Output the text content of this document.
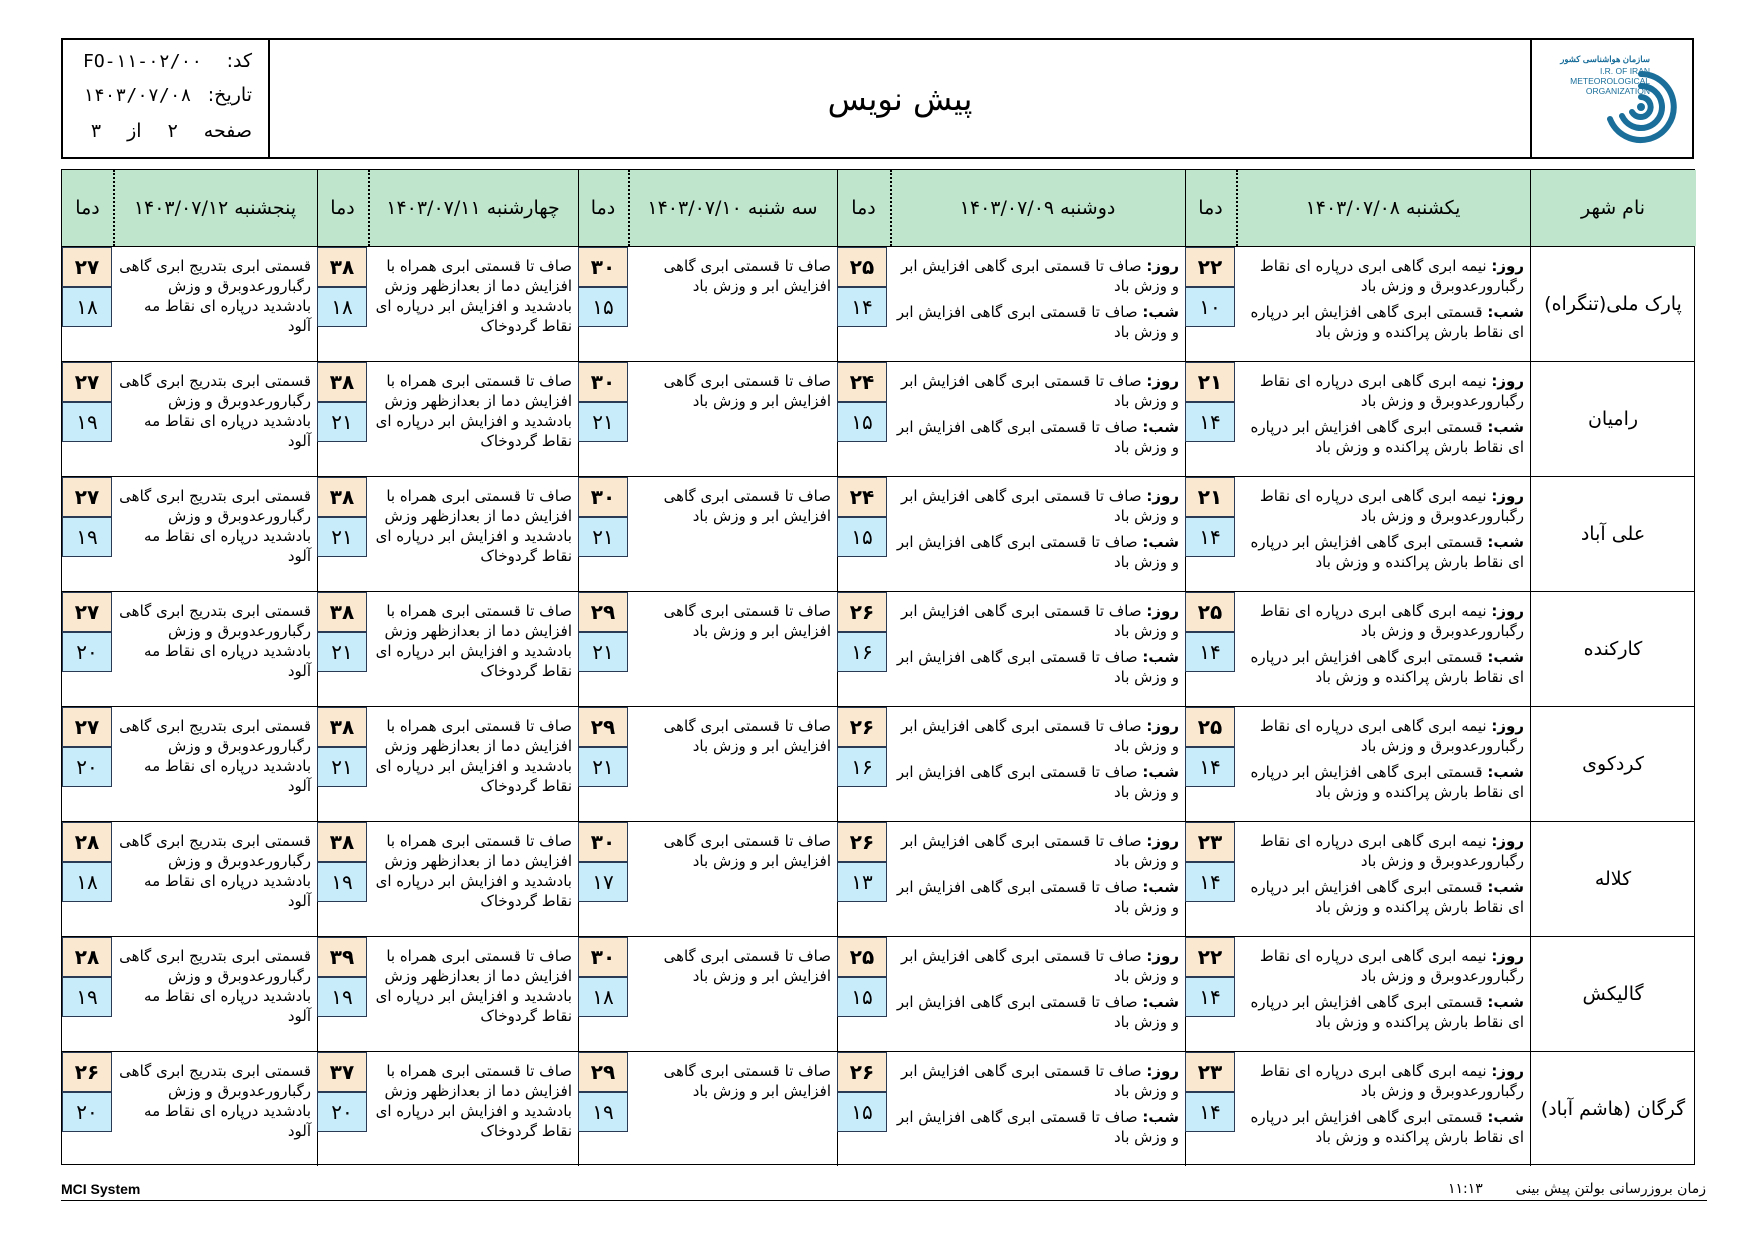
کد:
FO-۱۱-۰۲/۰۰
تاریخ:
۱۴۰۳/۰۷/۰۸
صفحه
۲
از
۳
پیش نویس
سازمان هواشناسی کشور
I.R. OF IRAN
METEOROLOGICAL
ORGANIZATION
نام شهر
یکشنبه ۱۴۰۳/۰۷/۰۸
دما
دوشنبه ۱۴۰۳/۰۷/۰۹
دما
سه شنبه ۱۴۰۳/۰۷/۱۰
دما
چهارشنبه ۱۴۰۳/۰۷/۱۱
دما
پنجشنبه ۱۴۰۳/۰۷/۱۲
دما
پارک ملی(تنگراه)
روز: نیمه ابری گاهی ابری درپاره ای نقاط رگبارورعدوبرق و وزش باد
شب: قسمتی ابری گاهی افزایش ابر درپاره ای نقاط بارش پراکنده و وزش باد
۲۲
۱۰
روز: صاف تا قسمتی ابری گاهی افزایش ابر و وزش باد
شب: صاف تا قسمتی ابری گاهی افزایش ابر و وزش باد
۲۵
۱۴
صاف تا قسمتی ابری گاهی افزایش ابر و وزش باد
۳۰
۱۵
صاف تا قسمتی ابری همراه با افزایش دما از بعدازظهر وزش بادشدید و افزایش ابر درپاره ای نقاط گردوخاک
۳۸
۱۸
قسمتی ابری بتدریج ابری گاهی رگبارورعدوبرق و وزش بادشدید درپاره ای نقاط مه آلود
۲۷
۱۸
رامیان
روز: نیمه ابری گاهی ابری درپاره ای نقاط رگبارورعدوبرق و وزش باد
شب: قسمتی ابری گاهی افزایش ابر درپاره ای نقاط بارش پراکنده و وزش باد
۲۱
۱۴
روز: صاف تا قسمتی ابری گاهی افزایش ابر و وزش باد
شب: صاف تا قسمتی ابری گاهی افزایش ابر و وزش باد
۲۴
۱۵
صاف تا قسمتی ابری گاهی افزایش ابر و وزش باد
۳۰
۲۱
صاف تا قسمتی ابری همراه با افزایش دما از بعدازظهر وزش بادشدید و افزایش ابر درپاره ای نقاط گردوخاک
۳۸
۲۱
قسمتی ابری بتدریج ابری گاهی رگبارورعدوبرق و وزش بادشدید درپاره ای نقاط مه آلود
۲۷
۱۹
علی آباد
روز: نیمه ابری گاهی ابری درپاره ای نقاط رگبارورعدوبرق و وزش باد
شب: قسمتی ابری گاهی افزایش ابر درپاره ای نقاط بارش پراکنده و وزش باد
۲۱
۱۴
روز: صاف تا قسمتی ابری گاهی افزایش ابر و وزش باد
شب: صاف تا قسمتی ابری گاهی افزایش ابر و وزش باد
۲۴
۱۵
صاف تا قسمتی ابری گاهی افزایش ابر و وزش باد
۳۰
۲۱
صاف تا قسمتی ابری همراه با افزایش دما از بعدازظهر وزش بادشدید و افزایش ابر درپاره ای نقاط گردوخاک
۳۸
۲۱
قسمتی ابری بتدریج ابری گاهی رگبارورعدوبرق و وزش بادشدید درپاره ای نقاط مه آلود
۲۷
۱۹
کارکنده
روز: نیمه ابری گاهی ابری درپاره ای نقاط رگبارورعدوبرق و وزش باد
شب: قسمتی ابری گاهی افزایش ابر درپاره ای نقاط بارش پراکنده و وزش باد
۲۵
۱۴
روز: صاف تا قسمتی ابری گاهی افزایش ابر و وزش باد
شب: صاف تا قسمتی ابری گاهی افزایش ابر و وزش باد
۲۶
۱۶
صاف تا قسمتی ابری گاهی افزایش ابر و وزش باد
۲۹
۲۱
صاف تا قسمتی ابری همراه با افزایش دما از بعدازظهر وزش بادشدید و افزایش ابر درپاره ای نقاط گردوخاک
۳۸
۲۱
قسمتی ابری بتدریج ابری گاهی رگبارورعدوبرق و وزش بادشدید درپاره ای نقاط مه آلود
۲۷
۲۰
کردکوی
روز: نیمه ابری گاهی ابری درپاره ای نقاط رگبارورعدوبرق و وزش باد
شب: قسمتی ابری گاهی افزایش ابر درپاره ای نقاط بارش پراکنده و وزش باد
۲۵
۱۴
روز: صاف تا قسمتی ابری گاهی افزایش ابر و وزش باد
شب: صاف تا قسمتی ابری گاهی افزایش ابر و وزش باد
۲۶
۱۶
صاف تا قسمتی ابری گاهی افزایش ابر و وزش باد
۲۹
۲۱
صاف تا قسمتی ابری همراه با افزایش دما از بعدازظهر وزش بادشدید و افزایش ابر درپاره ای نقاط گردوخاک
۳۸
۲۱
قسمتی ابری بتدریج ابری گاهی رگبارورعدوبرق و وزش بادشدید درپاره ای نقاط مه آلود
۲۷
۲۰
کلاله
روز: نیمه ابری گاهی ابری درپاره ای نقاط رگبارورعدوبرق و وزش باد
شب: قسمتی ابری گاهی افزایش ابر درپاره ای نقاط بارش پراکنده و وزش باد
۲۳
۱۴
روز: صاف تا قسمتی ابری گاهی افزایش ابر و وزش باد
شب: صاف تا قسمتی ابری گاهی افزایش ابر و وزش باد
۲۶
۱۳
صاف تا قسمتی ابری گاهی افزایش ابر و وزش باد
۳۰
۱۷
صاف تا قسمتی ابری همراه با افزایش دما از بعدازظهر وزش بادشدید و افزایش ابر درپاره ای نقاط گردوخاک
۳۸
۱۹
قسمتی ابری بتدریج ابری گاهی رگبارورعدوبرق و وزش بادشدید درپاره ای نقاط مه آلود
۲۸
۱۸
گالیکش
روز: نیمه ابری گاهی ابری درپاره ای نقاط رگبارورعدوبرق و وزش باد
شب: قسمتی ابری گاهی افزایش ابر درپاره ای نقاط بارش پراکنده و وزش باد
۲۲
۱۴
روز: صاف تا قسمتی ابری گاهی افزایش ابر و وزش باد
شب: صاف تا قسمتی ابری گاهی افزایش ابر و وزش باد
۲۵
۱۵
صاف تا قسمتی ابری گاهی افزایش ابر و وزش باد
۳۰
۱۸
صاف تا قسمتی ابری همراه با افزایش دما از بعدازظهر وزش بادشدید و افزایش ابر درپاره ای نقاط گردوخاک
۳۹
۱۹
قسمتی ابری بتدریج ابری گاهی رگبارورعدوبرق و وزش بادشدید درپاره ای نقاط مه آلود
۲۸
۱۹
گرگان (هاشم آباد)
روز: نیمه ابری گاهی ابری درپاره ای نقاط رگبارورعدوبرق و وزش باد
شب: قسمتی ابری گاهی افزایش ابر درپاره ای نقاط بارش پراکنده و وزش باد
۲۳
۱۴
روز: صاف تا قسمتی ابری گاهی افزایش ابر و وزش باد
شب: صاف تا قسمتی ابری گاهی افزایش ابر و وزش باد
۲۶
۱۵
صاف تا قسمتی ابری گاهی افزایش ابر و وزش باد
۲۹
۱۹
صاف تا قسمتی ابری همراه با افزایش دما از بعدازظهر وزش بادشدید و افزایش ابر درپاره ای نقاط گردوخاک
۳۷
۲۰
قسمتی ابری بتدریج ابری گاهی رگبارورعدوبرق و وزش بادشدید درپاره ای نقاط مه آلود
۲۶
۲۰
MCI System	زمان بروزرسانی بولتن پیش بینی  ۱۱:۱۳
